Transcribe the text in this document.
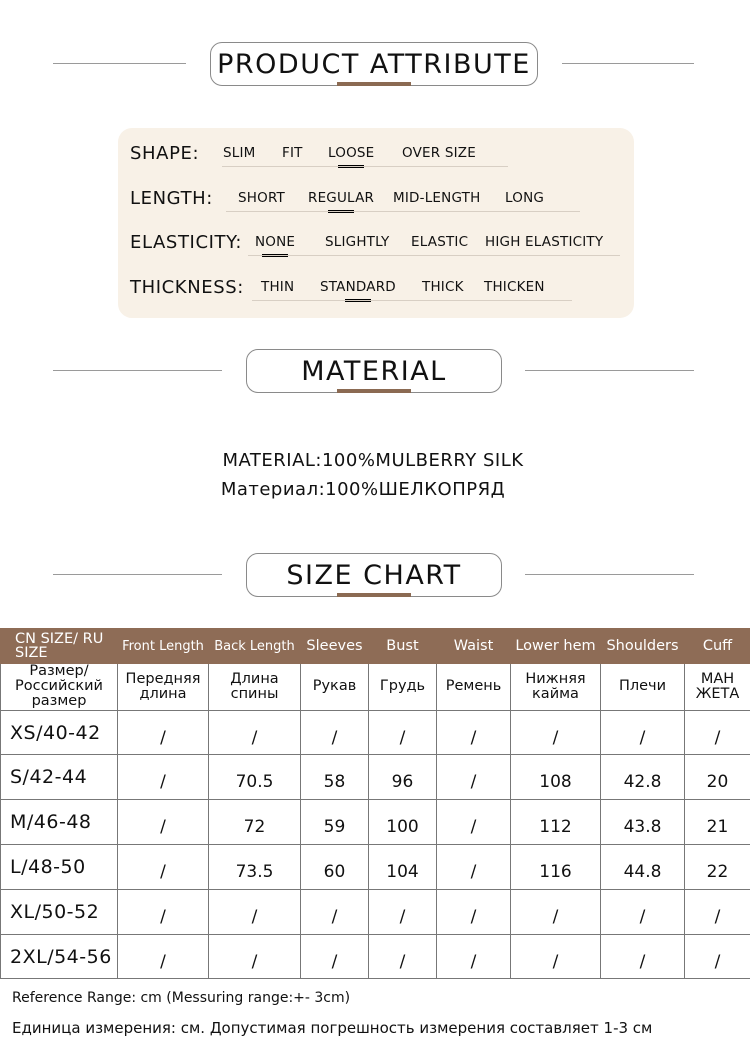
PRODUCT ATTRIBUTE
SHAPE: SLIM FIT LOOSE OVER SIZE
LENGTH: SHORT REGULAR MID-LENGTH LONG
ELASTICITY: NONE SLIGHTLY ELASTIC HIGH ELASTICITY
THICKNESS: THIN STANDARD THICK THICKEN
MATERIAL
MATERIAL:100%MULBERRY SILK
Материал:100%ШЕЛКОПРЯД
SIZE CHART
CN SIZE/ RU SIZE	Front Length	Back Length	Sleeves	Bust	Waist	Lower hem	Shoulders	Cuff
Размер/ Российский размер	Передняя длина	Длина спины	Рукав	Грудь	Ремень	Нижняя кайма	Плечи	МАН ЖЕТА
XS/40-42	/	/	/	/	/	/	/	/
S/42-44	/	70.5	58	96	/	108	42.8	20
M/46-48	/	72	59	100	/	112	43.8	21
L/48-50	/	73.5	60	104	/	116	44.8	22
XL/50-52	/	/	/	/	/	/	/	/
2XL/54-56	/	/	/	/	/	/	/	/
Reference Range: cm (Messuring range:+- 3cm)
Единица измерения: см. Допустимая погрешность измерения составляет 1-3 см
